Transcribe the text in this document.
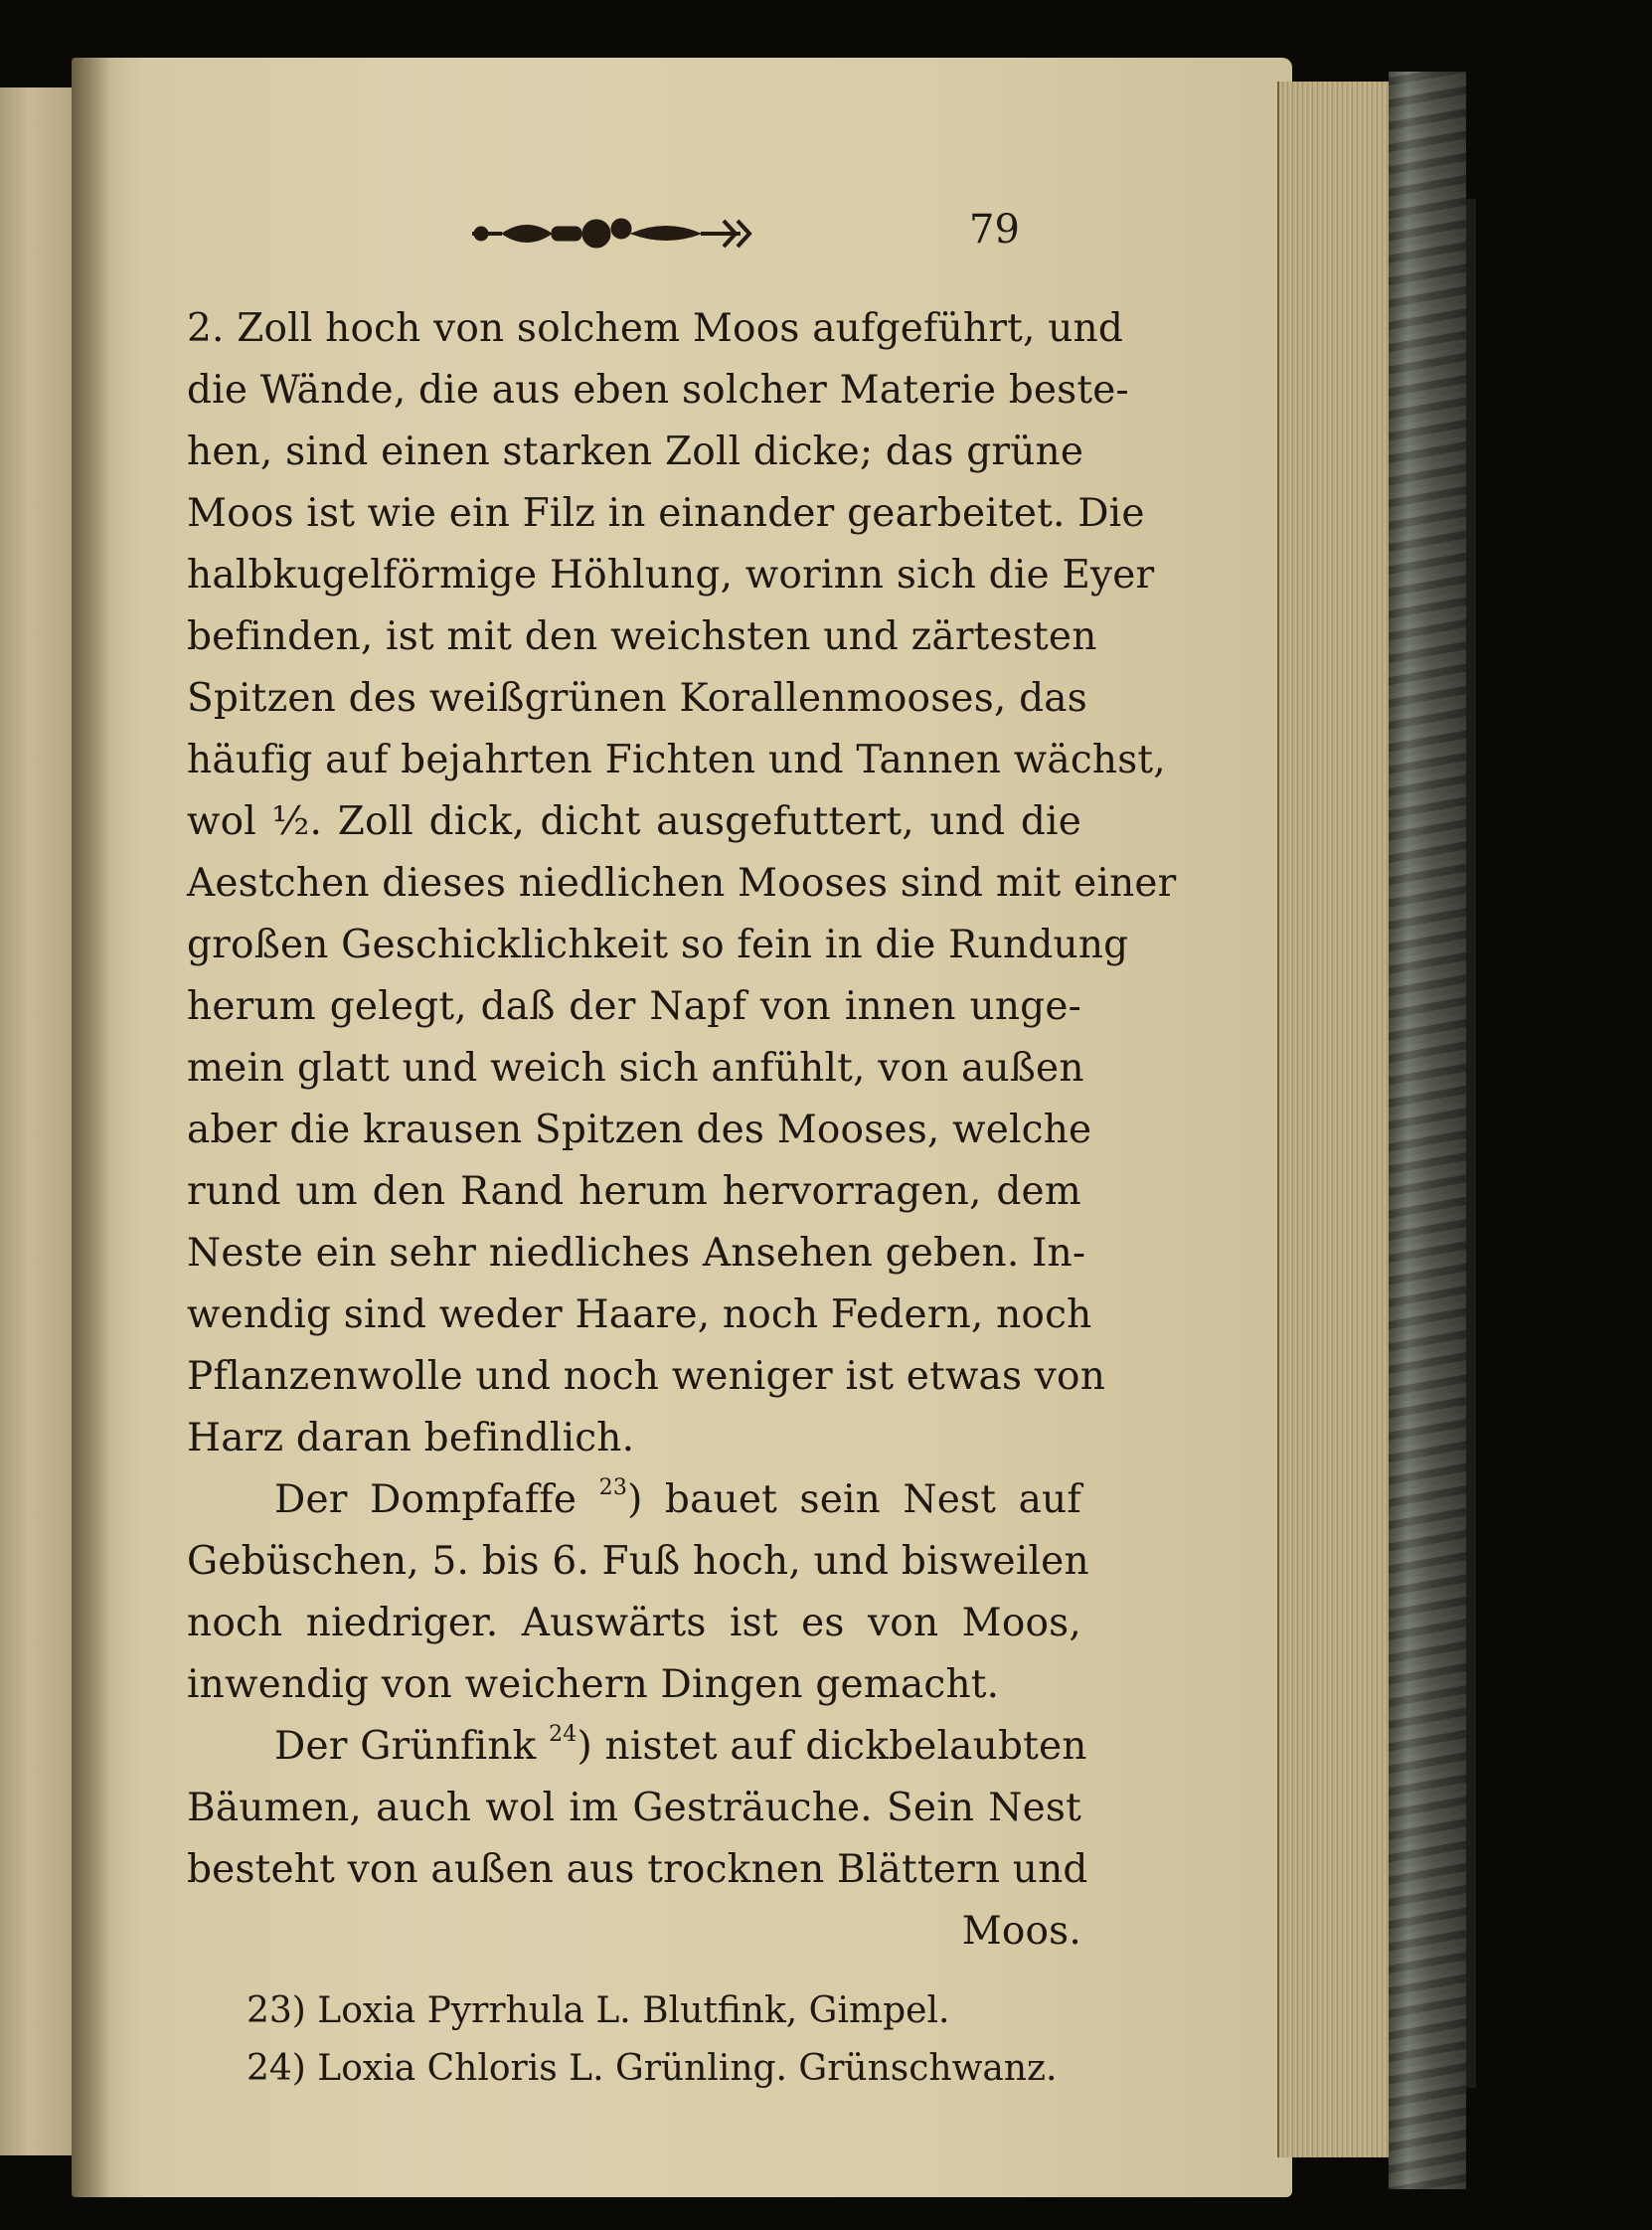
79
2. Zoll hoch von solchem Moos aufgeführt, und
die Wände, die aus eben solcher Materie beste-
hen, sind einen starken Zoll dicke; das grüne
Moos ist wie ein Filz in einander gearbeitet. Die
halbkugelförmige Höhlung, worinn sich die Eyer
befinden, ist mit den weichsten und zärtesten
Spitzen des weißgrünen Korallenmooses, das
häufig auf bejahrten Fichten und Tannen wächst,
wol ½. Zoll dick, dicht ausgefuttert, und die
Aestchen dieses niedlichen Mooses sind mit einer
großen Geschicklichkeit so fein in die Rundung
herum gelegt, daß der Napf von innen unge-
mein glatt und weich sich anfühlt, von außen
aber die krausen Spitzen des Mooses, welche
rund um den Rand herum hervorragen, dem
Neste ein sehr niedliches Ansehen geben. In-
wendig sind weder Haare, noch Federn, noch
Pflanzenwolle und noch weniger ist etwas von
Harz daran befindlich.
Der Dompfaffe $^{23}$) bauet sein Nest auf
Gebüschen, 5. bis 6. Fuß hoch, und bisweilen
noch niedriger. Auswärts ist es von Moos,
inwendig von weichern Dingen gemacht.
Der Grünfink $^{24}$) nistet auf dickbelaubten
Bäumen, auch wol im Gesträuche. Sein Nest
besteht von außen aus trocknen Blättern und
Moos.
23) Loxia Pyrrhula L. Blutfink, Gimpel.
24) Loxia Chloris L. Grünling. Grünschwanz.
